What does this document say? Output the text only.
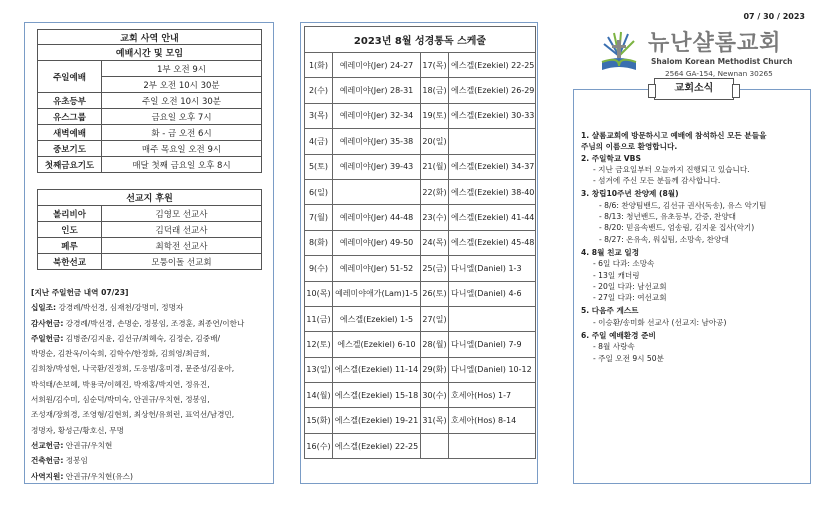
07 / 30 / 2023
뉴난샬롬교회
Shalom Korean Methodist Church
2564 GA-154, Newnan 30265
교회 사역 안내	
예배시간 및 모임	
주일예배	1부 오전 9시
	2부 오전 10시 30분
유초등부	주일 오전 10시 30분
유스그룹	금요일 오후 7시
새벽예배	화 - 금 오전 6시
중보기도	매주 목요일 오전 9시
첫째금요기도	매달 첫째 금요일 오후 8시
선교지 후원	
볼리비아	김영모 선교사
인도	김덕래 선교사
페루	최학전 선교사
북한선교	모퉁이돌 선교회

[지난 주일헌금 내역 07/23]

십일조: 강경례/박선경, 심재천/강명미, 정명자

감사헌금: 강경례/박선경, 손명순, 정봉임, 조경훈, 최종연/이한나

주일헌금: 김병준/김지윤, 김선규/최혜숙, 김정순, 김중배/

박명순, 김찬욱/이숙희, 김학수/한정화, 김희영/최금희,

김희창/박성현, 나국환/진정희, 도응범/홍미경, 문준성/김윤아,

박석태/손보혜, 박용국/이혜진, 박재홍/박지연, 정유진,

서희원/김수미, 심순덕/박미숙, 안권규/우치현, 정봉임,

조성재/장희경, 조영형/김현희, 최상헌/유희런, 표억선/남경민,

정명자, 황성근/황호신, 무명

선교헌금: 안권규/우치현

건축헌금: 정봉임

사역지원: 안권규/우치현(유스)

2023년 8월 성경통독 스케줄			
1(화)	예레미야(Jer) 24-27	17(목)	에스겔(Ezekiel) 22-25
2(수)	예레미야(Jer) 28-31	18(금)	에스겔(Ezekiel) 26-29
3(목)	예레미야(Jer) 32-34	19(토)	에스겔(Ezekiel) 30-33
4(금)	예레미야(Jer) 35-38	20(일)	
5(토)	예레미야(Jer) 39-43	21(월)	에스겔(Ezekiel) 34-37
6(일)		22(화)	에스겔(Ezekiel) 38-40
7(월)	예레미야(Jer) 44-48	23(수)	에스겔(Ezekiel) 41-44
8(화)	예레미야(Jer) 49-50	24(목)	에스겔(Ezekiel) 45-48
9(수)	예레미야(Jer) 51-52	25(금)	다니엘(Daniel) 1-3
10(목)	예레미야애가(Lam)1-5	26(토)	다니엘(Daniel) 4-6
11(금)	에스겔(Ezekiel) 1-5	27(일)	
12(토)	에스겔(Ezekiel) 6-10	28(월)	다니엘(Daniel) 7-9
13(일)	에스겔(Ezekiel) 11-14	29(화)	다니엘(Daniel) 10-12
14(월)	에스겔(Ezekiel) 15-18	30(수)	호세아(Hos) 1-7
15(화)	에스겔(Ezekiel) 19-21	31(목)	호세아(Hos) 8-14
16(수)	에스겔(Ezekiel) 22-25		
교회소식
1. 샬롬교회에 방문하시고 예배에 참석하신 모든 분들을
주님의 이름으로 환영합니다.
2. 주일학교 VBS
- 지난 금요일부터 오늘까지 진행되고 있습니다.
- 섬겨에 주신 모든 분들께 감사합니다.
3. 창립10주년 찬양제 (8월)
- 8/6: 찬양팀밴드, 김선규 권사(독송), 유스 악기팀
- 8/13: 청년밴드, 유초등부, 간증, 찬양대
- 8/20: 믿음속밴드, 엄송림, 김지윤 집사(악기)
- 8/27: 온유속, 워십팀, 소망속, 찬양대
4. 8월 친교 일정
- 6일 다과: 소망속
- 13일 캐더링
- 20일 다과: 남선교회
- 27일 다과: 여선교회
5. 다음주 게스트
- 이승환/송미화 선교사 (선교지: 남아공)
6. 주일 예배환경 준비
- 8월 사랑속
- 주일 오전 9시 50분
